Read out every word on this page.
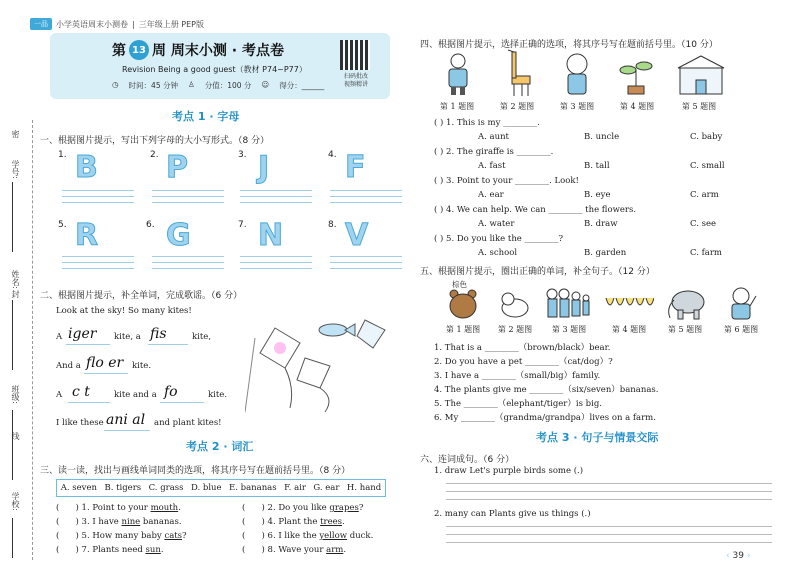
一品	小学英语周末小测卷 | 三年级上册 PEP版
密
学号:
姓名:
封
班级:
线
学校:
第 13 周 周末小测 · 考点卷
Revision Being a good guest（教材 P74~P77）
◷ 时间：45 分钟 ♙ 分值：100 分 ☺ 得分：______
扫码批改
视频精讲
考点 1 · 字母
一、根据图片提示，写出下列字母的大小写形式。（8 分）
1. B	2. P	3. J	4. F
5. R	6. G	7. N	8. V
二、根据图片提示，补全单词，完成歌谣。（6 分）
Look at the sky! So many kites!
A iger kite, a fis	kite,
And a flo er kite.
A c t	kite and a fo	kite.
I like these ani al and plant kites!
考点 2 · 词汇
三、读一读，找出与画线单词同类的选项，将其序号写在题前括号里。（8 分）
A. seven B. tigers C. grass D. blue E. bananas F. air G. ear H. hand
(      ) 1. Point to your mouth.	(      ) 2. Do you like grapes?
(      ) 3. I have nine bananas.	(      ) 4. Plant the trees.
(      ) 5. How many baby cats?	(      ) 6. I like the yellow duck.
(      ) 7. Plants need sun.	(      ) 8. Wave your arm.
四、根据图片提示，选择正确的选项，将其序号写在题前括号里。（10 分）
第 1 题图	第 2 题图	第 3 题图	第 4 题图	第 5 题图
( ) 1. This is my ________.
A. aunt	B. uncle	C. baby
( ) 2. The giraffe is ________.
A. fast	B. tall	C. small
( ) 3. Point to your ________. Look!
A. ear	B. eye	C. arm
( ) 4. We can help. We can ________ the flowers.
A. water	B. draw	C. see
( ) 5. Do you like the ________?
A. school	B. garden	C. farm
五、根据图片提示，圈出正确的单词，补全句子。（12 分）
棕色
第 1 题图	第 2 题图	第 3 题图	第 4 题图	第 5 题图	第 6 题图
1. That is a ________（brown/black）bear.
2. Do you have a pet ________（cat/dog）?
3. I have a ________（small/big）family.
4. The plants give me ________（six/seven）bananas.
5. The ________（elephant/tiger）is big.
6. My ________（grandma/grandpa）lives on a farm.
考点 3 · 句子与情景交际
六、连词成句。（6 分）
1. draw Let's purple birds some (.)
2. many can Plants give us things (.)
‹ 39 ›
